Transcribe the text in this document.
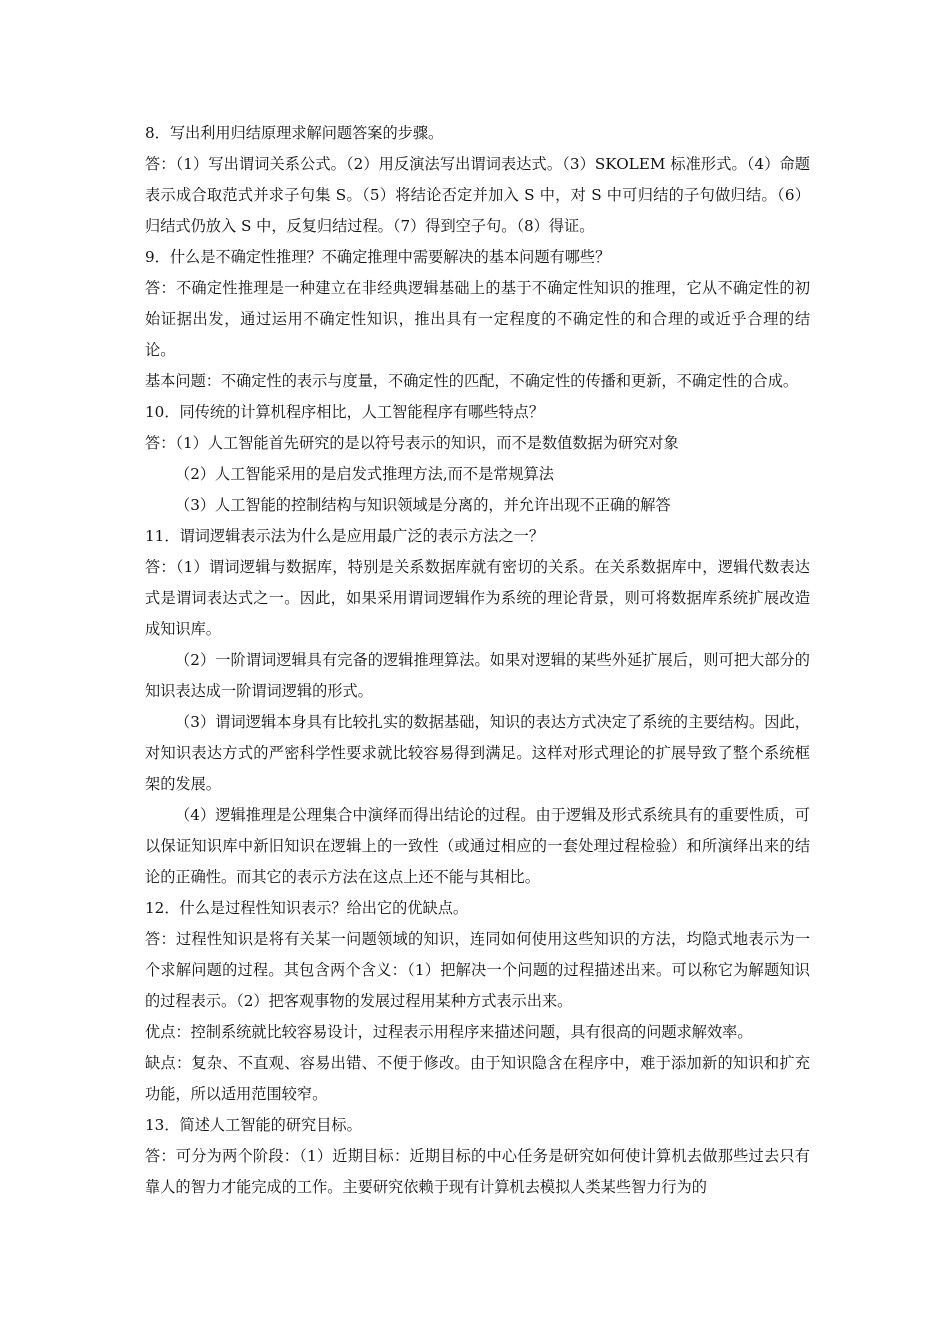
8．写出利用归结原理求解问题答案的步骤。

答：（1）写出谓词关系公式。（2）用反演法写出谓词表达式。（3）SKOLEM 标准形式。（4）命题表示成合取范式并求子句集 S。（5）将结论否定并加入 S 中，对 S 中可归结的子句做归结。（6）归结式仍放入 S 中，反复归结过程。（7）得到空子句。（8）得证。

9．什么是不确定性推理？不确定推理中需要解决的基本问题有哪些？

答：不确定性推理是一种建立在非经典逻辑基础上的基于不确定性知识的推理，它从不确定性的初始证据出发，通过运用不确定性知识，推出具有一定程度的不确定性的和合理的或近乎合理的结论。

基本问题：不确定性的表示与度量，不确定性的匹配，不确定性的传播和更新，不确定性的合成。

10．同传统的计算机程序相比，人工智能程序有哪些特点？

答：（1）人工智能首先研究的是以符号表示的知识，而不是数值数据为研究对象

（2）人工智能采用的是启发式推理方法,而不是常规算法

（3）人工智能的控制结构与知识领域是分离的，并允许出现不正确的解答

11．谓词逻辑表示法为什么是应用最广泛的表示方法之一？

答：（1）谓词逻辑与数据库，特别是关系数据库就有密切的关系。在关系数据库中，逻辑代数表达式是谓词表达式之一。因此，如果采用谓词逻辑作为系统的理论背景，则可将数据库系统扩展改造成知识库。

（2）一阶谓词逻辑具有完备的逻辑推理算法。如果对逻辑的某些外延扩展后，则可把大部分的知识表达成一阶谓词逻辑的形式。

（3）谓词逻辑本身具有比较扎实的数据基础，知识的表达方式决定了系统的主要结构。因此，对知识表达方式的严密科学性要求就比较容易得到满足。这样对形式理论的扩展导致了整个系统框架的发展。

（4）逻辑推理是公理集合中演绎而得出结论的过程。由于逻辑及形式系统具有的重要性质，可以保证知识库中新旧知识在逻辑上的一致性（或通过相应的一套处理过程检验）和所演绎出来的结论的正确性。而其它的表示方法在这点上还不能与其相比。

12．什么是过程性知识表示？给出它的优缺点。

答：过程性知识是将有关某一问题领域的知识，连同如何使用这些知识的方法，均隐式地表示为一个求解问题的过程。其包含两个含义：（1）把解决一个问题的过程描述出来。可以称它为解题知识的过程表示。（2）把客观事物的发展过程用某种方式表示出来。

优点：控制系统就比较容易设计，过程表示用程序来描述问题，具有很高的问题求解效率。

缺点：复杂、不直观、容易出错、不便于修改。由于知识隐含在程序中，难于添加新的知识和扩充功能，所以适用范围较窄。

13．简述人工智能的研究目标。

答：可分为两个阶段：（1）近期目标：近期目标的中心任务是研究如何使计算机去做那些过去只有靠人的智力才能完成的工作。主要研究依赖于现有计算机去模拟人类某些智力行为的
